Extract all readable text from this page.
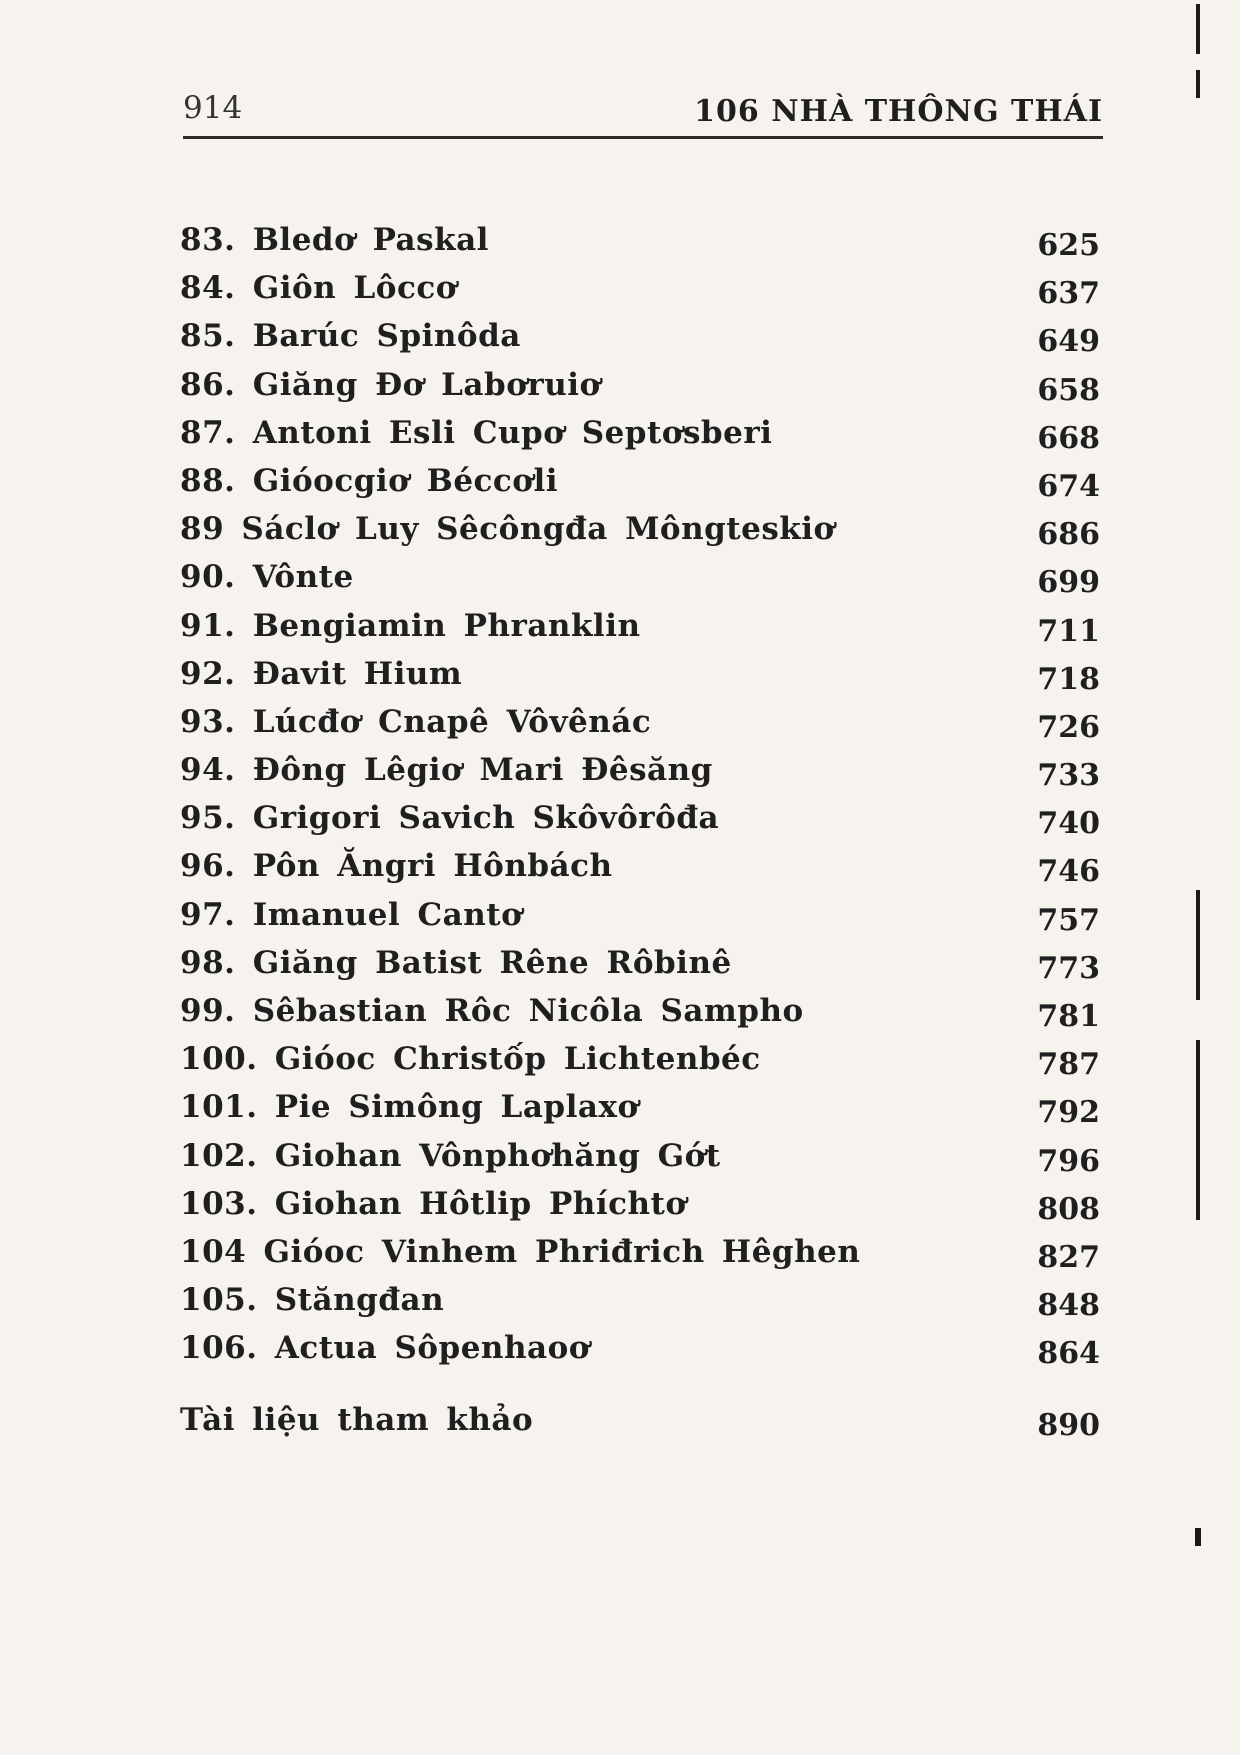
914	106 NHÀ THÔNG THÁI
83. Bledơ Paskal	625
84. Giôn Lôccơ	637
85. Barúc Spinôda	649
86. Giăng Đơ Labơruiơ	658
87. Antoni Esli Cupơ Septơsberi	668
88. Gióocgiơ Béccơli	674
89 Sáclơ Luy Sêcôngđa Môngteskiơ	686
90. Vônte	699
91. Bengiamin Phranklin	711
92. Đavit Hium	718
93. Lúcđơ Cnapê Vôvênác	726
94. Đông Lêgiơ Mari Đêsăng	733
95. Grigori Savich Skôvôrôđa	740
96. Pôn Ăngri Hônbách	746
97. Imanuel Cantơ	757
98. Giăng Batist Rêne Rôbinê	773
99. Sêbastian Rôc Nicôla Sampho	781
100. Gióoc Christốp Lichtenbéc	787
101. Pie Simông Laplaxơ	792
102. Giohan Vônphơhăng Gớt	796
103. Giohan Hôtlip Phíchtơ	808
104 Gióoc Vinhem Phriđrich Hêghen	827
105. Stăngđan	848
106. Actua Sôpenhaoơ	864
Tài liệu tham khảo	890
